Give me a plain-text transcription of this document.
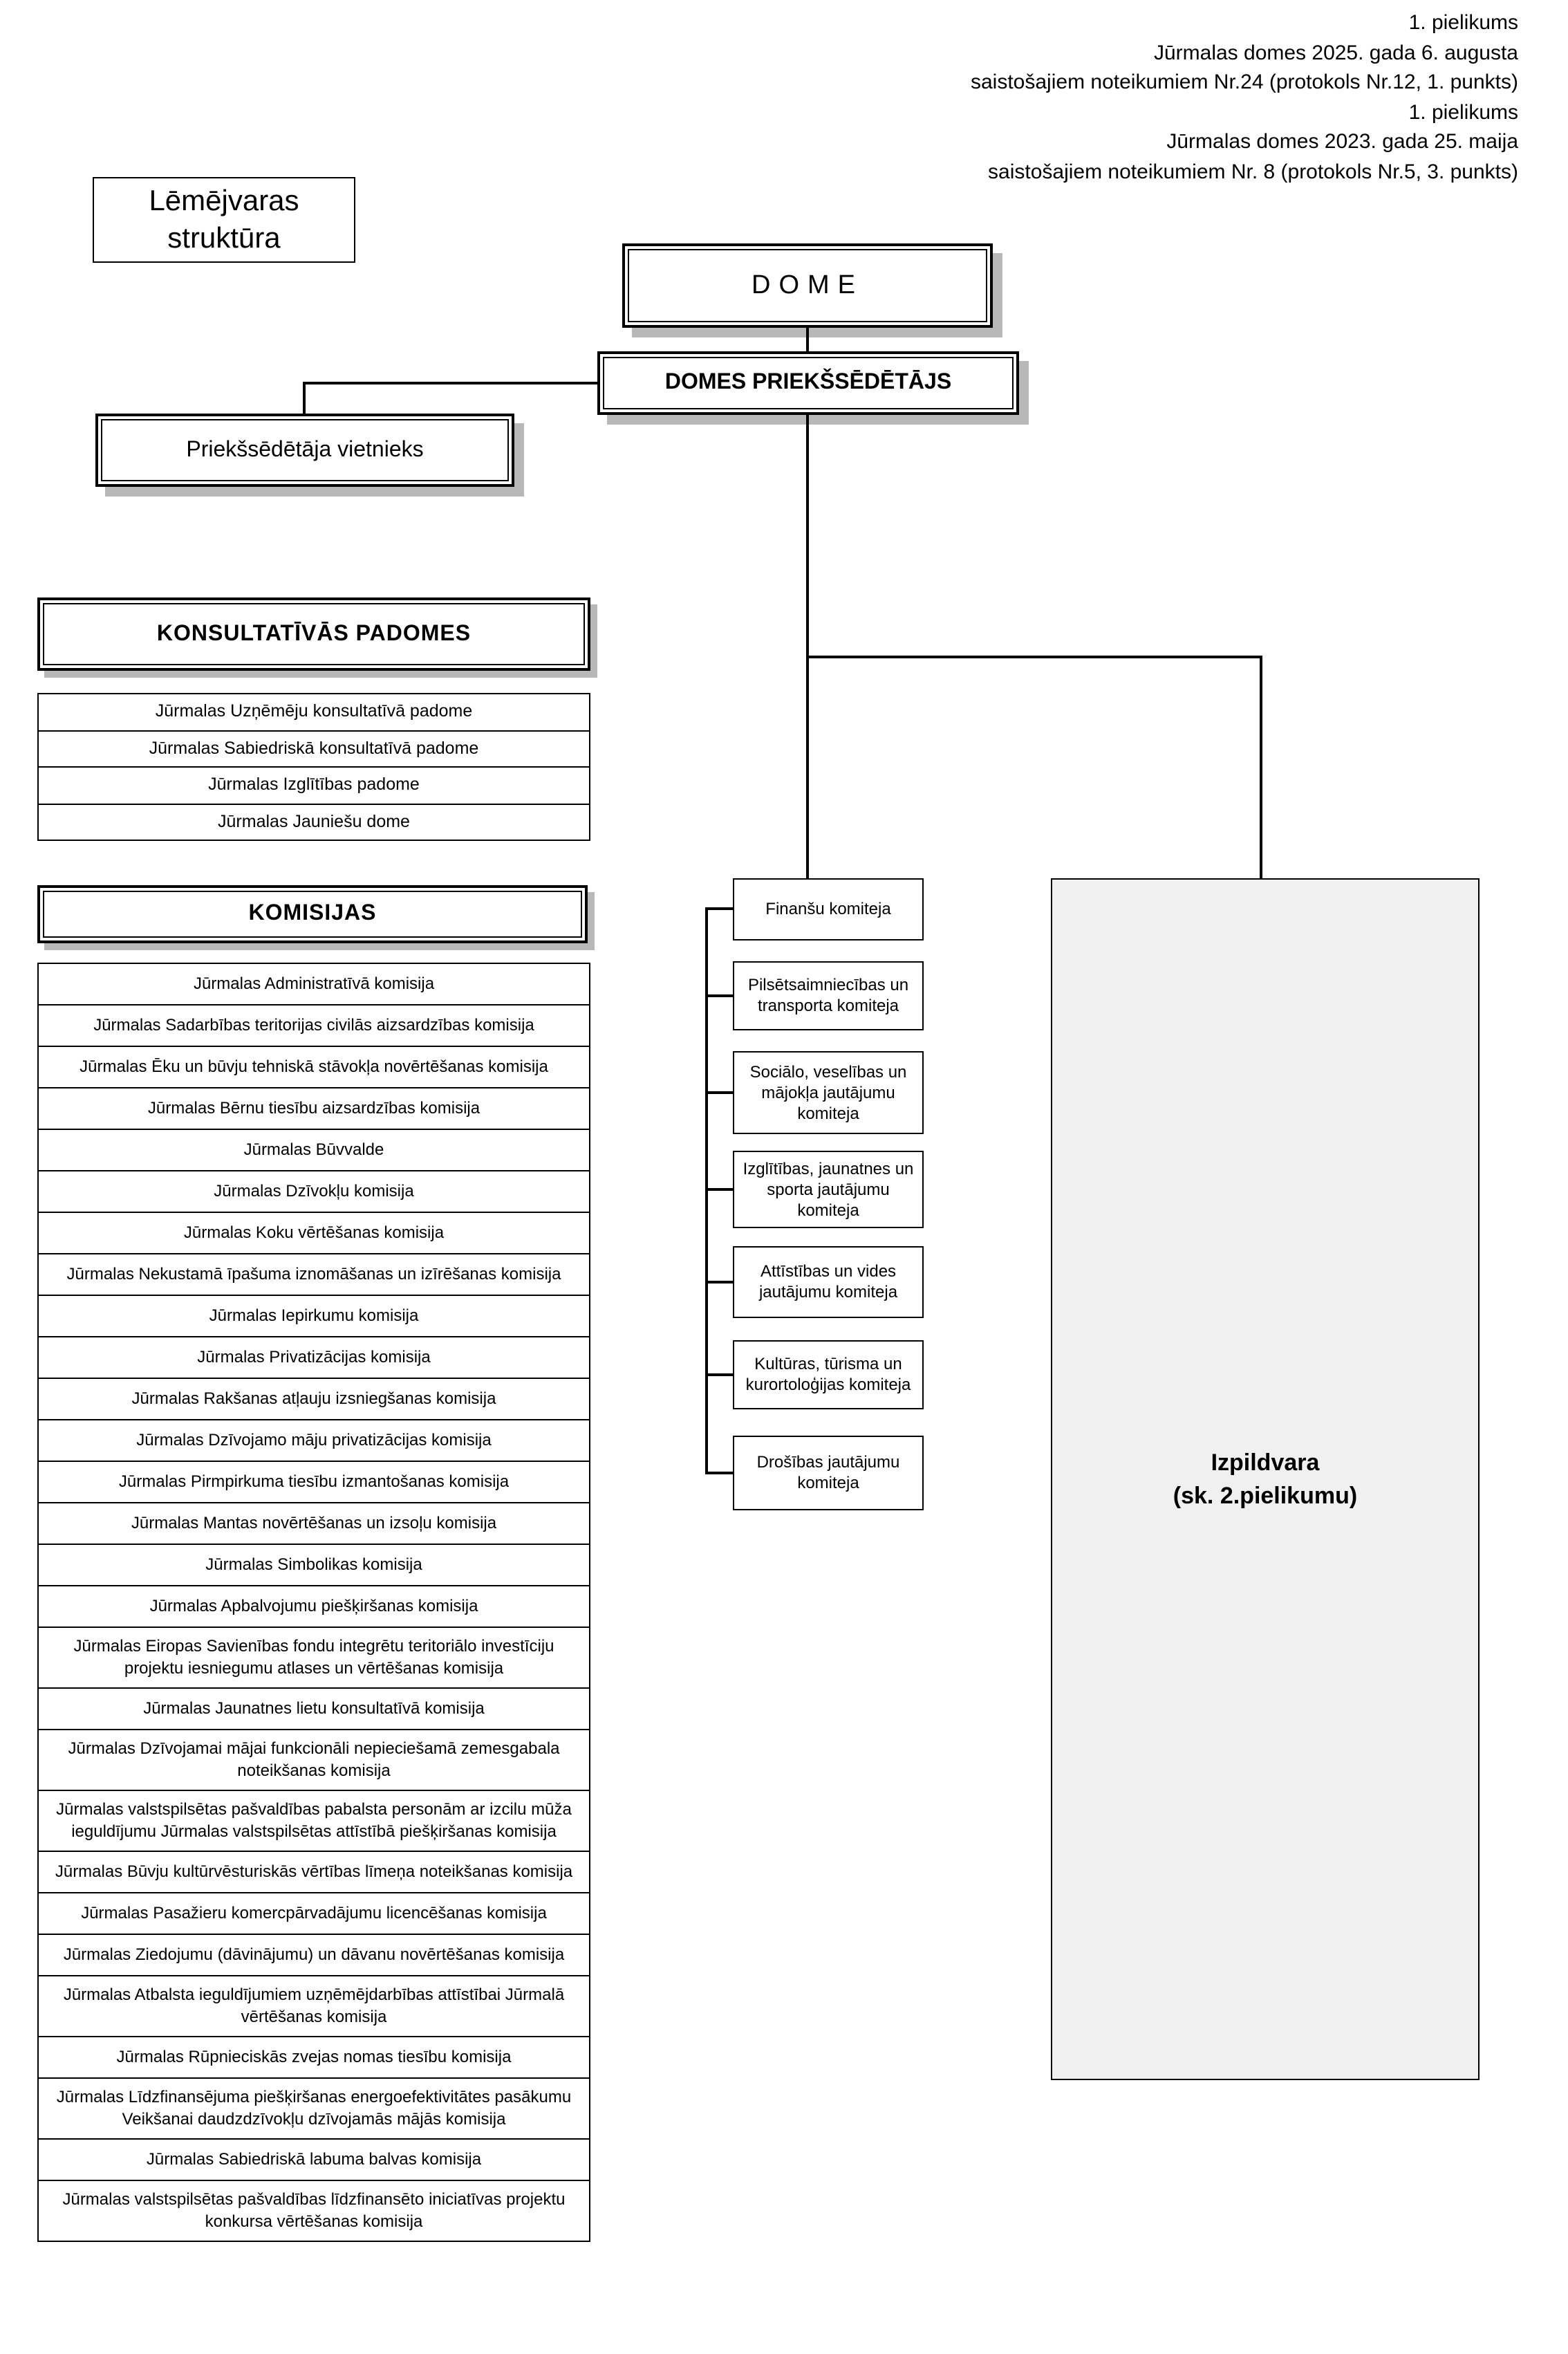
1. pielikums
Jūrmalas domes 2025. gada 6. augusta
saistošajiem noteikumiem Nr.24 (protokols Nr.12, 1. punkts)
1. pielikums
Jūrmalas domes 2023. gada 25. maija
saistošajiem noteikumiem Nr. 8 (protokols Nr.5, 3. punkts)
Lēmējvaras struktūra
DOME
DOMES PRIEKŠSĒDĒTĀJS
Priekšsēdētāja vietnieks
KONSULTATĪVĀS PADOMES
Jūrmalas Uzņēmēju konsultatīvā padome
Jūrmalas Sabiedriskā konsultatīvā padome
Jūrmalas Izglītības padome
Jūrmalas Jauniešu dome
KOMISIJAS
Jūrmalas Administratīvā komisija
Jūrmalas Sadarbības teritorijas civilās aizsardzības komisija
Jūrmalas Ēku un būvju tehniskā stāvokļa novērtēšanas komisija
Jūrmalas Bērnu tiesību aizsardzības komisija
Jūrmalas Būvvalde
Jūrmalas Dzīvokļu komisija
Jūrmalas Koku vērtēšanas komisija
Jūrmalas Nekustamā īpašuma iznomāšanas un izīrēšanas komisija
Jūrmalas Iepirkumu komisija
Jūrmalas Privatizācijas komisija
Jūrmalas Rakšanas atļauju izsniegšanas komisija
Jūrmalas Dzīvojamo māju privatizācijas komisija
Jūrmalas Pirmpirkuma tiesību izmantošanas komisija
Jūrmalas Mantas novērtēšanas un izsoļu komisija
Jūrmalas Simbolikas komisija
Jūrmalas Apbalvojumu piešķiršanas komisija
Jūrmalas Eiropas Savienības fondu integrētu teritoriālo investīciju projektu iesniegumu atlases un vērtēšanas komisija
Jūrmalas Jaunatnes lietu konsultatīvā komisija
Jūrmalas Dzīvojamai mājai funkcionāli nepieciešamā zemesgabala noteikšanas komisija
Jūrmalas valstspilsētas pašvaldības pabalsta personām ar izcilu mūža ieguldījumu Jūrmalas valstspilsētas attīstībā piešķiršanas komisija
Jūrmalas Būvju kultūrvēsturiskās vērtības līmeņa noteikšanas komisija
Jūrmalas Pasažieru komercpārvadājumu licencēšanas komisija
Jūrmalas Ziedojumu (dāvinājumu) un dāvanu novērtēšanas komisija
Jūrmalas Atbalsta ieguldījumiem uzņēmējdarbības attīstībai Jūrmalā vērtēšanas komisija
Jūrmalas Rūpnieciskās zvejas nomas tiesību komisija
Jūrmalas Līdzfinansējuma piešķiršanas energoefektivitātes pasākumu Veikšanai daudzdzīvokļu dzīvojamās mājās komisija
Jūrmalas Sabiedriskā labuma balvas komisija
Jūrmalas valstspilsētas pašvaldības līdzfinansēto iniciatīvas projektu konkursa vērtēšanas komisija
Finanšu komiteja
Pilsētsaimniecības un transporta komiteja
Sociālo, veselības un mājokļa jautājumu komiteja
Izglītības, jaunatnes un sporta jautājumu komiteja
Attīstības un vides jautājumu komiteja
Kultūras, tūrisma un kurortoloģijas komiteja
Drošības jautājumu komiteja
Izpildvara
(sk. 2.pielikumu)
